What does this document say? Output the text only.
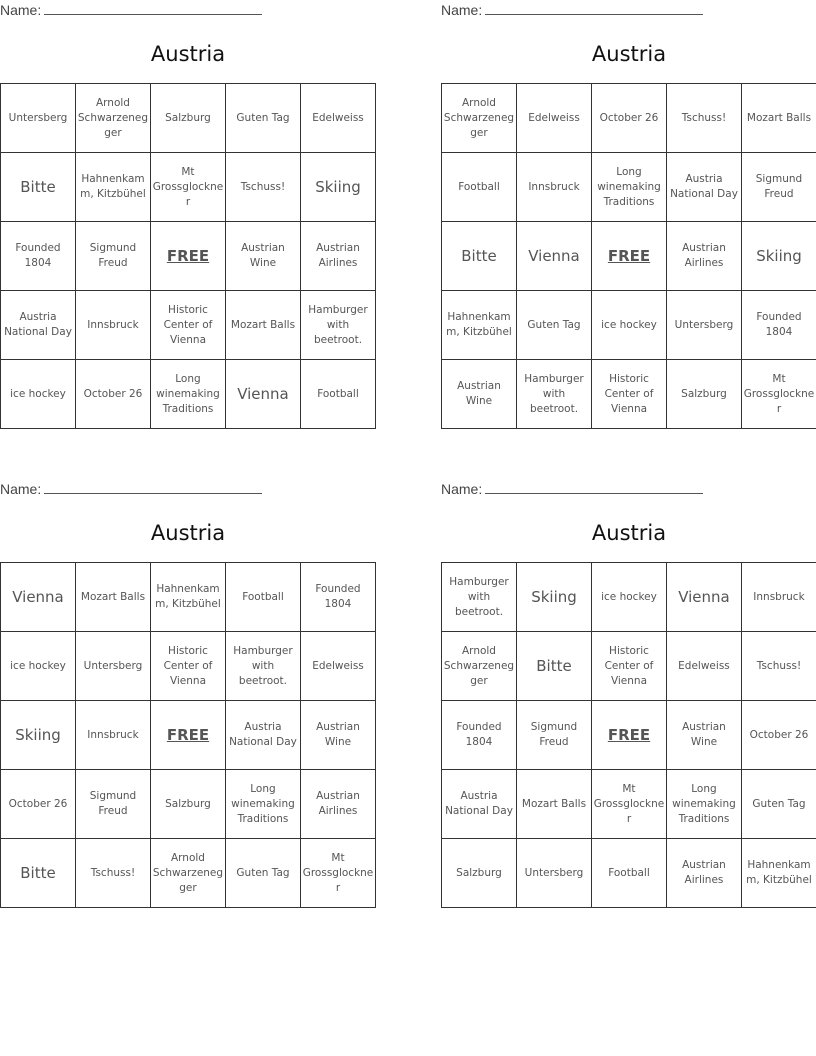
Name:
Austria
Untersberg	Arnold Schwarzenegger	Salzburg	Guten Tag	Edelweiss
Bitte	Hahnenkamm, Kitzbühel	Mt Grossglockner	Tschuss!	Skiing
Founded 1804	Sigmund Freud	FREE	Austrian Wine	Austrian Airlines
Austria National Day	Innsbruck	Historic Center of Vienna	Mozart Balls	Hamburger with beetroot.
ice hockey	October 26	Long winemaking Traditions	Vienna	Football
Name:
Austria
Arnold Schwarzenegger	Edelweiss	October 26	Tschuss!	Mozart Balls
Football	Innsbruck	Long winemaking Traditions	Austria National Day	Sigmund Freud
Bitte	Vienna	FREE	Austrian Airlines	Skiing
Hahnenkamm, Kitzbühel	Guten Tag	ice hockey	Untersberg	Founded 1804
Austrian Wine	Hamburger with beetroot.	Historic Center of Vienna	Salzburg	Mt Grossglockner
Name:
Austria
Vienna	Mozart Balls	Hahnenkamm, Kitzbühel	Football	Founded 1804
ice hockey	Untersberg	Historic Center of Vienna	Hamburger with beetroot.	Edelweiss
Skiing	Innsbruck	FREE	Austria National Day	Austrian Wine
October 26	Sigmund Freud	Salzburg	Long winemaking Traditions	Austrian Airlines
Bitte	Tschuss!	Arnold Schwarzenegger	Guten Tag	Mt Grossglockner
Name:
Austria
Hamburger with beetroot.	Skiing	ice hockey	Vienna	Innsbruck
Arnold Schwarzenegger	Bitte	Historic Center of Vienna	Edelweiss	Tschuss!
Founded 1804	Sigmund Freud	FREE	Austrian Wine	October 26
Austria National Day	Mozart Balls	Mt Grossglockner	Long winemaking Traditions	Guten Tag
Salzburg	Untersberg	Football	Austrian Airlines	Hahnenkamm, Kitzbühel
